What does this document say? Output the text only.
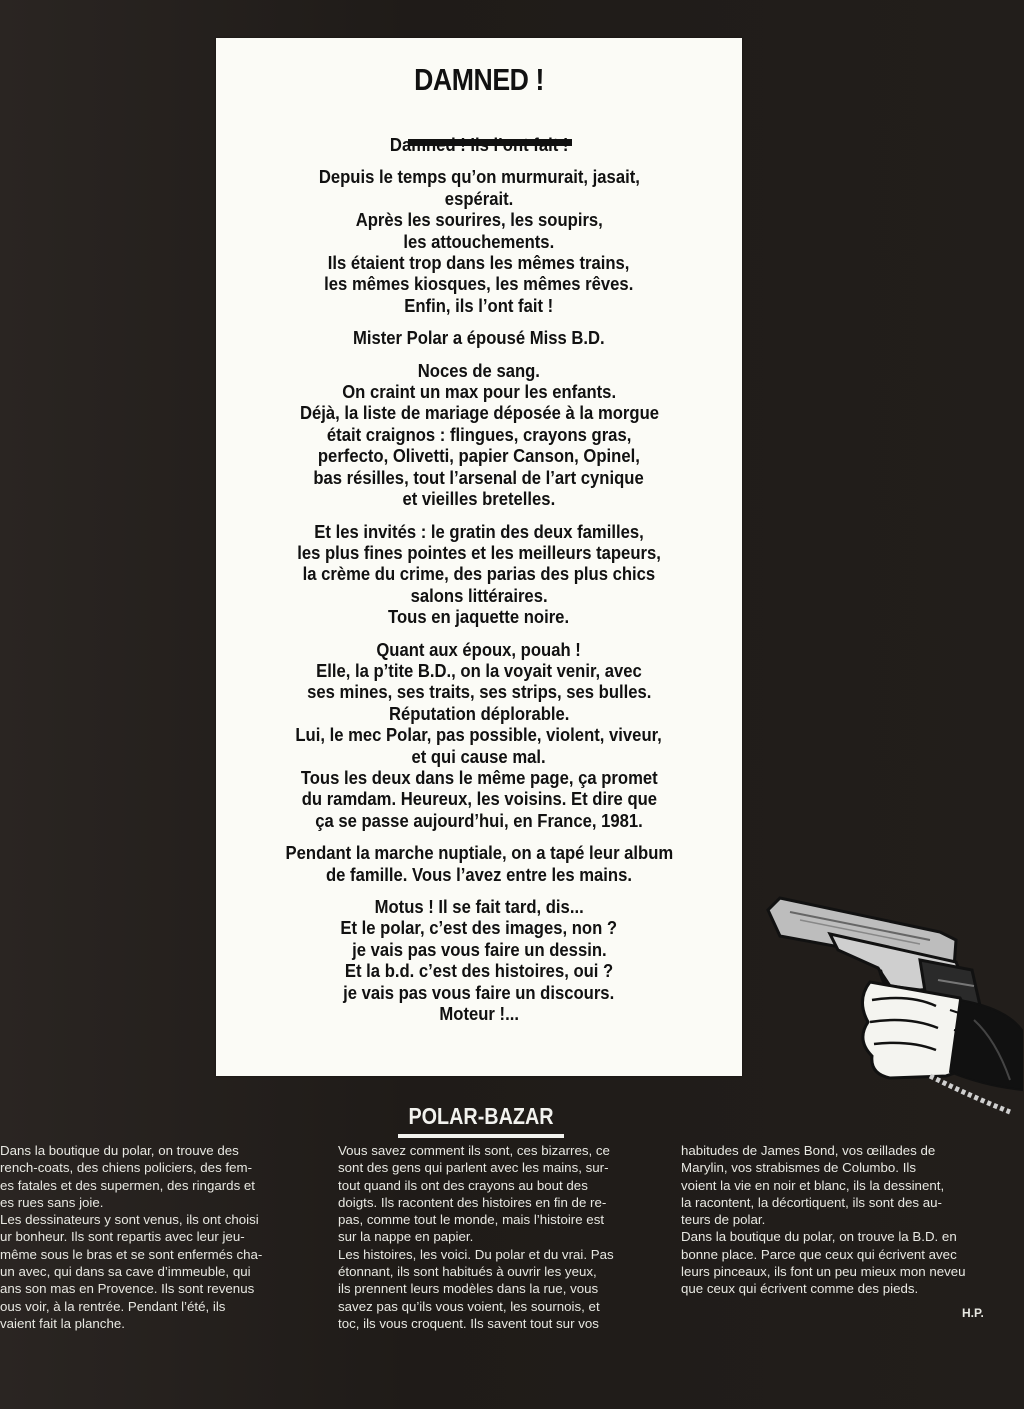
DAMNED !
Damned ! Ils l’ont fait !
Depuis le temps qu’on murmurait, jasait,
espérait.
Après les sourires, les soupirs,
les attouchements.
Ils étaient trop dans les mêmes trains,
les mêmes kiosques, les mêmes rêves.
Enfin, ils l’ont fait !
Mister Polar a épousé Miss B.D.
Noces de sang.
On craint un max pour les enfants.
Déjà, la liste de mariage déposée à la morgue
était craignos : flingues, crayons gras,
perfecto, Olivetti, papier Canson, Opinel,
bas résilles, tout l’arsenal de l’art cynique
et vieilles bretelles.
Et les invités : le gratin des deux familles,
les plus fines pointes et les meilleurs tapeurs,
la crème du crime, des parias des plus chics
salons littéraires.
Tous en jaquette noire.
Quant aux époux, pouah !
Elle, la p’tite B.D., on la voyait venir, avec
ses mines, ses traits, ses strips, ses bulles.
Réputation déplorable.
Lui, le mec Polar, pas possible, violent, viveur,
et qui cause mal.
Tous les deux dans le même page, ça promet
du ramdam. Heureux, les voisins. Et dire que
ça se passe aujourd’hui, en France, 1981.
Pendant la marche nuptiale, on a tapé leur album
de famille. Vous l’avez entre les mains.
Motus ! Il se fait tard, dis...
Et le polar, c’est des images, non ?
je vais pas vous faire un dessin.
Et la b.d. c’est des histoires, oui ?
je vais pas vous faire un discours.
Moteur !...
POLAR-BAZAR
Dans la boutique du polar, on trouve des
rench-coats, des chiens policiers, des fem-
es fatales et des supermen, des ringards et
es rues sans joie.
Les dessinateurs y sont venus, ils ont choisi
ur bonheur. Ils sont repartis avec leur jeu-
même sous le bras et se sont enfermés cha-
un avec, qui dans sa cave d’immeuble, qui
ans son mas en Provence. Ils sont revenus
ous voir, à la rentrée. Pendant l’été, ils
vaient fait la planche.
Vous savez comment ils sont, ces bizarres, ce
sont des gens qui parlent avec les mains, sur-
tout quand ils ont des crayons au bout des
doigts. Ils racontent des histoires en fin de re-
pas, comme tout le monde, mais l’histoire est
sur la nappe en papier.
Les histoires, les voici. Du polar et du vrai. Pas
étonnant, ils sont habitués à ouvrir les yeux,
ils prennent leurs modèles dans la rue, vous
savez pas qu’ils vous voient, les sournois, et
toc, ils vous croquent. Ils savent tout sur vos
habitudes de James Bond, vos œillades de
Marylin, vos strabismes de Columbo. Ils
voient la vie en noir et blanc, ils la dessinent,
la racontent, la décortiquent, ils sont des au-
teurs de polar.
Dans la boutique du polar, on trouve la B.D. en
bonne place. Parce que ceux qui écrivent avec
leurs pinceaux, ils font un peu mieux mon neveu
que ceux qui écrivent comme des pieds.
H.P.
